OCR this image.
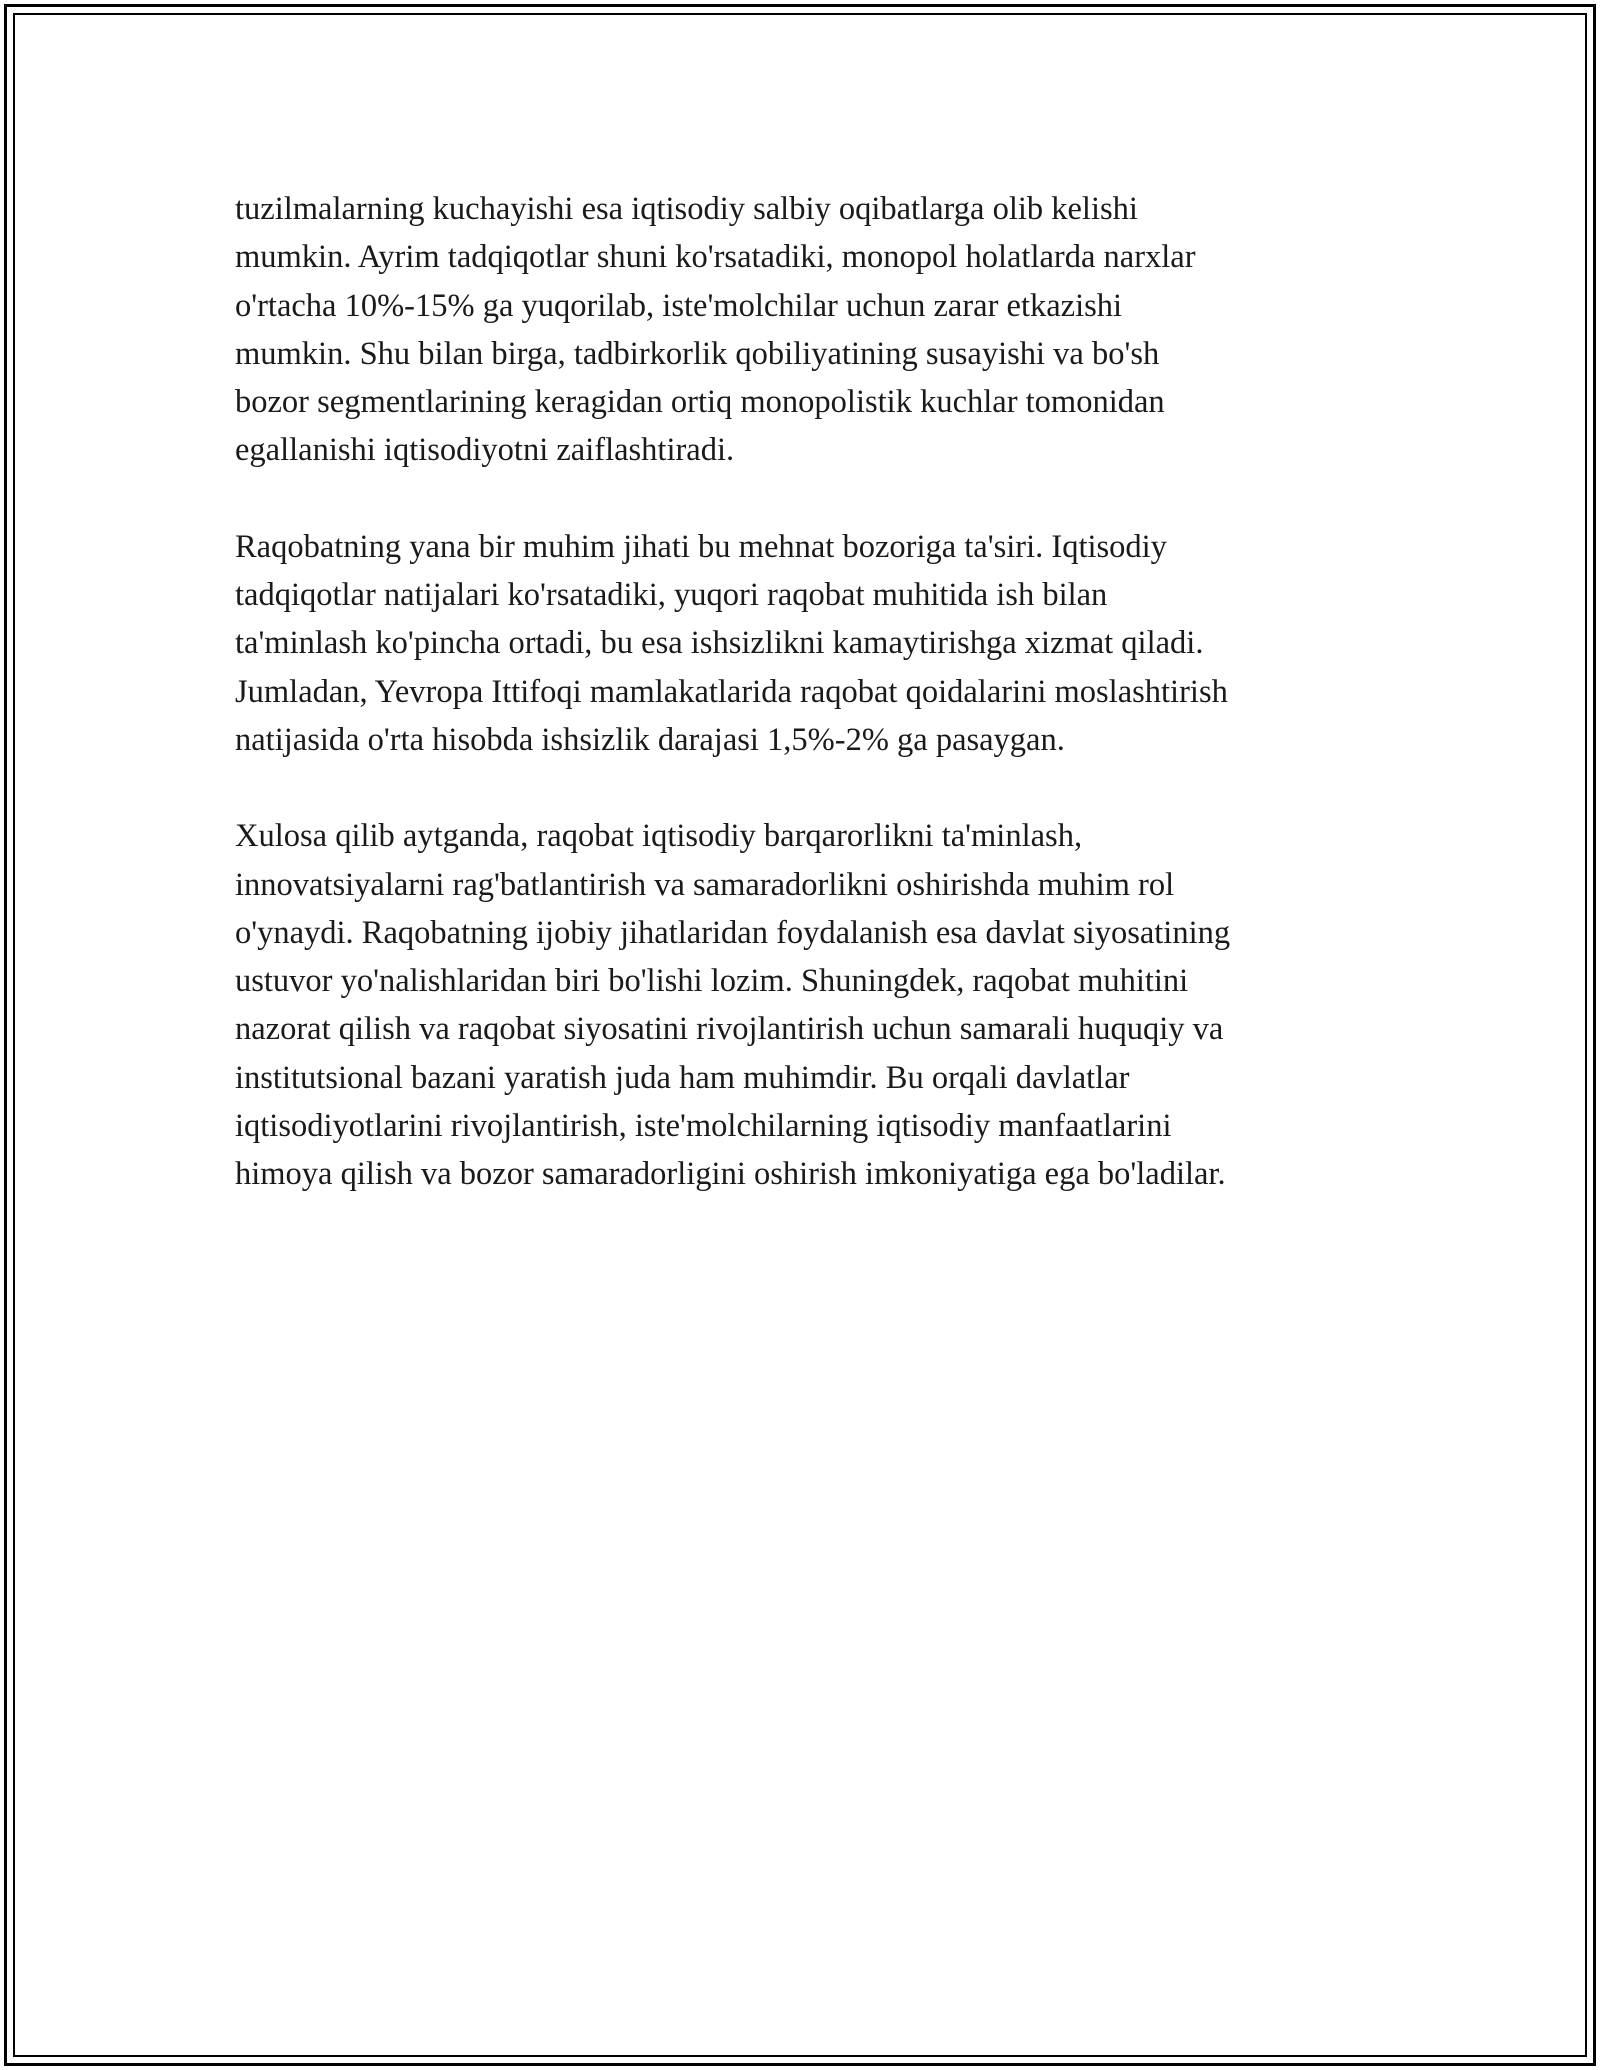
tuzilmalarning kuchayishi esa iqtisodiy salbiy oqibatlarga olib kelishi
mumkin. Ayrim tadqiqotlar shuni ko'rsatadiki, monopol holatlarda narxlar
o'rtacha 10%-15% ga yuqorilab, iste'molchilar uchun zarar etkazishi
mumkin. Shu bilan birga, tadbirkorlik qobiliyatining susayishi va bo'sh
bozor segmentlarining keragidan ortiq monopolistik kuchlar tomonidan
egallanishi iqtisodiyotni zaiflashtiradi.

Raqobatning yana bir muhim jihati bu mehnat bozoriga ta'siri. Iqtisodiy
tadqiqotlar natijalari ko'rsatadiki, yuqori raqobat muhitida ish bilan
ta'minlash ko'pincha ortadi, bu esa ishsizlikni kamaytirishga xizmat qiladi.
Jumladan, Yevropa Ittifoqi mamlakatlarida raqobat qoidalarini moslashtirish
natijasida o'rta hisobda ishsizlik darajasi 1,5%-2% ga pasaygan.

Xulosa qilib aytganda, raqobat iqtisodiy barqarorlikni ta'minlash,
innovatsiyalarni rag'batlantirish va samaradorlikni oshirishda muhim rol
o'ynaydi. Raqobatning ijobiy jihatlaridan foydalanish esa davlat siyosatining
ustuvor yo'nalishlaridan biri bo'lishi lozim. Shuningdek, raqobat muhitini
nazorat qilish va raqobat siyosatini rivojlantirish uchun samarali huquqiy va
institutsional bazani yaratish juda ham muhimdir. Bu orqali davlatlar
iqtisodiyotlarini rivojlantirish, iste'molchilarning iqtisodiy manfaatlarini
himoya qilish va bozor samaradorligini oshirish imkoniyatiga ega bo'ladilar.
